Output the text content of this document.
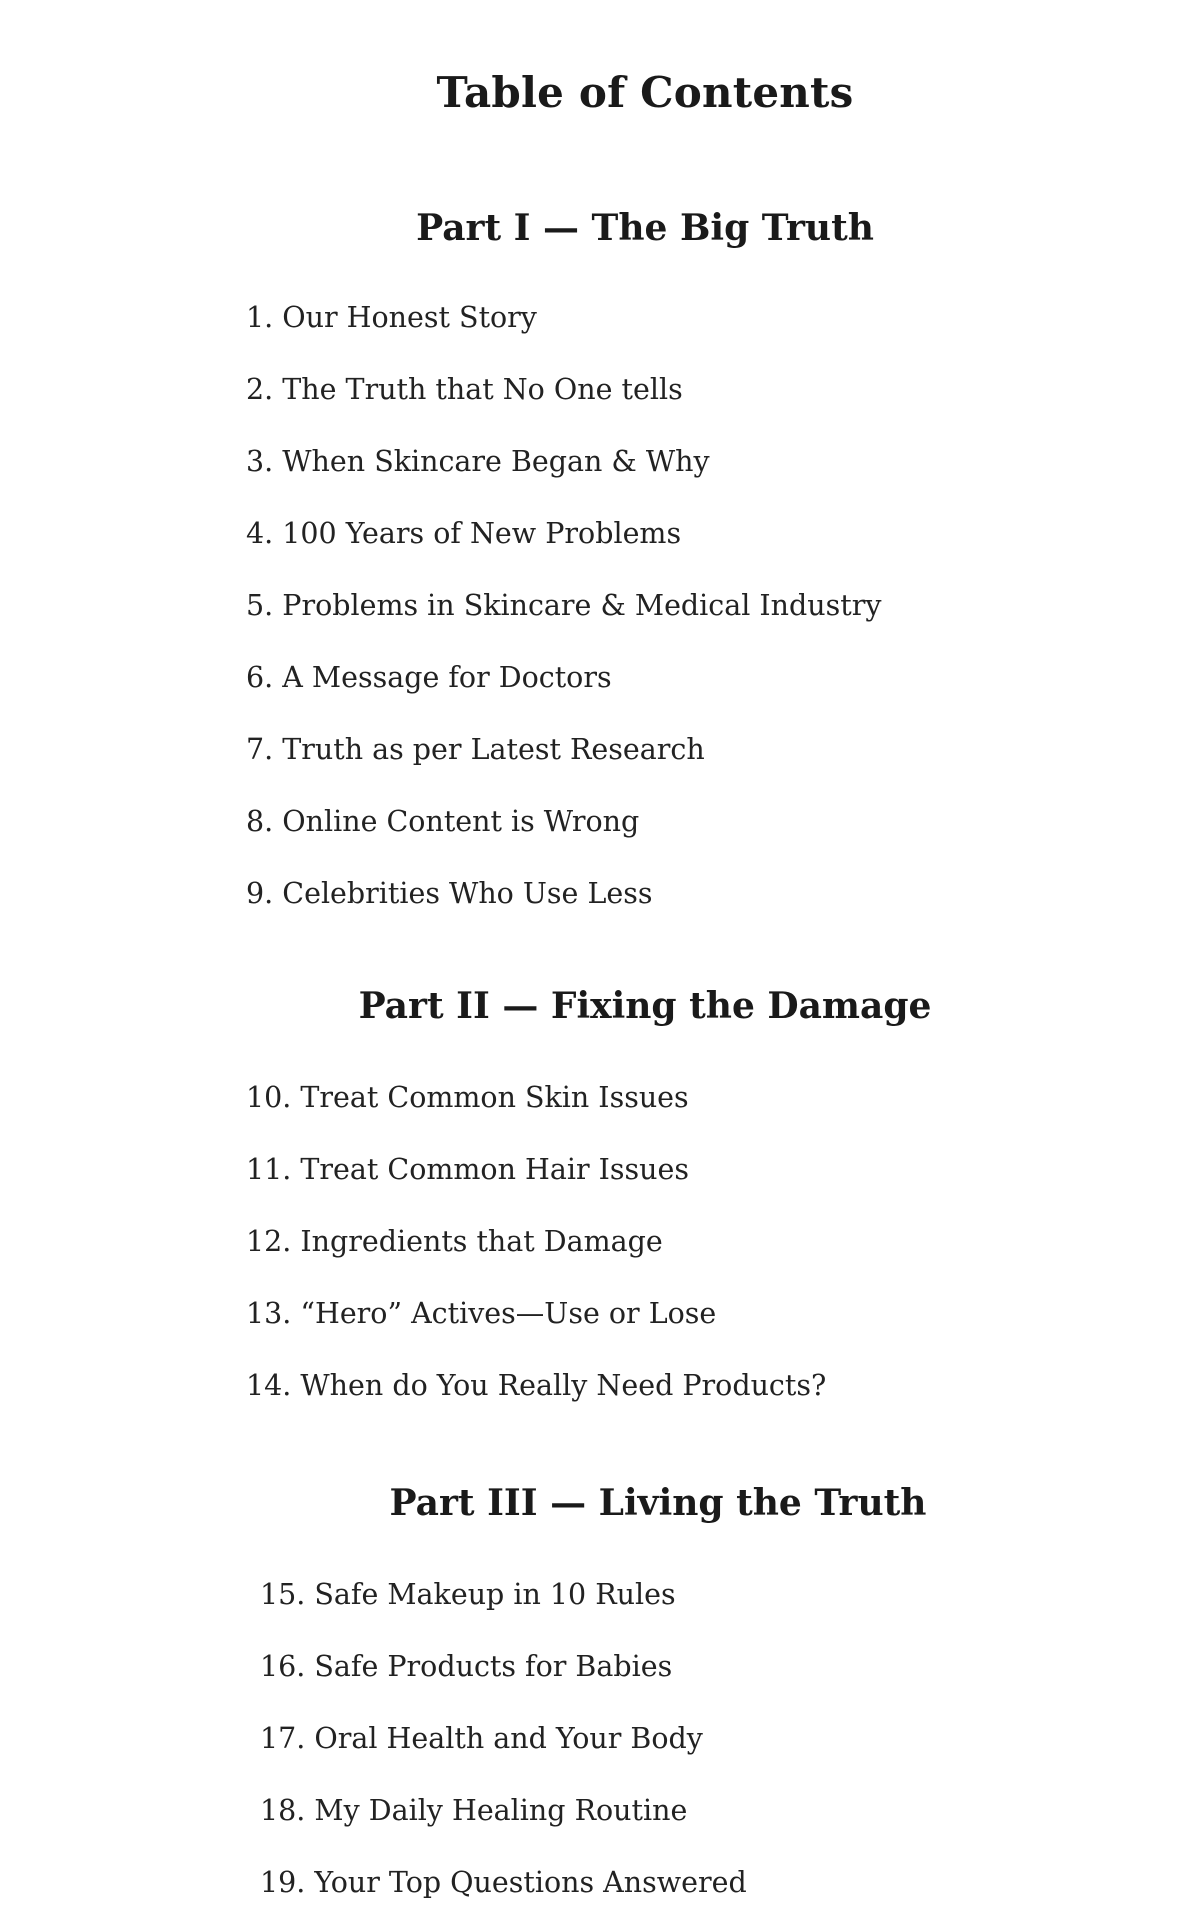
Table of Contents
Part I — The Big Truth
1 . Our Honest Story
2 . The Truth that No One tells
3 . When Skincare Began & Why
4 . 100 Years of New Problems
5 . Problems in Skincare & Medical Industry
6 . A Message for Doctors
7 . Truth as per Latest Research
8 . Online Content is Wrong
9 . Celebrities Who Use Less
Part II — Fixing the Damage
10 . Treat Common Skin Issues
11 . Treat Common Hair Issues
12 . Ingredients that Damage
13 . “Hero” Actives—Use or Lose
14 . When do You Really Need Products?
Part III — Living the Truth
15 . Safe Makeup in 10 Rules
16 . Safe Products for Babies
17 . Oral Health and Your Body
18 . My Daily Healing Routine
19 . Your Top Questions Answered
